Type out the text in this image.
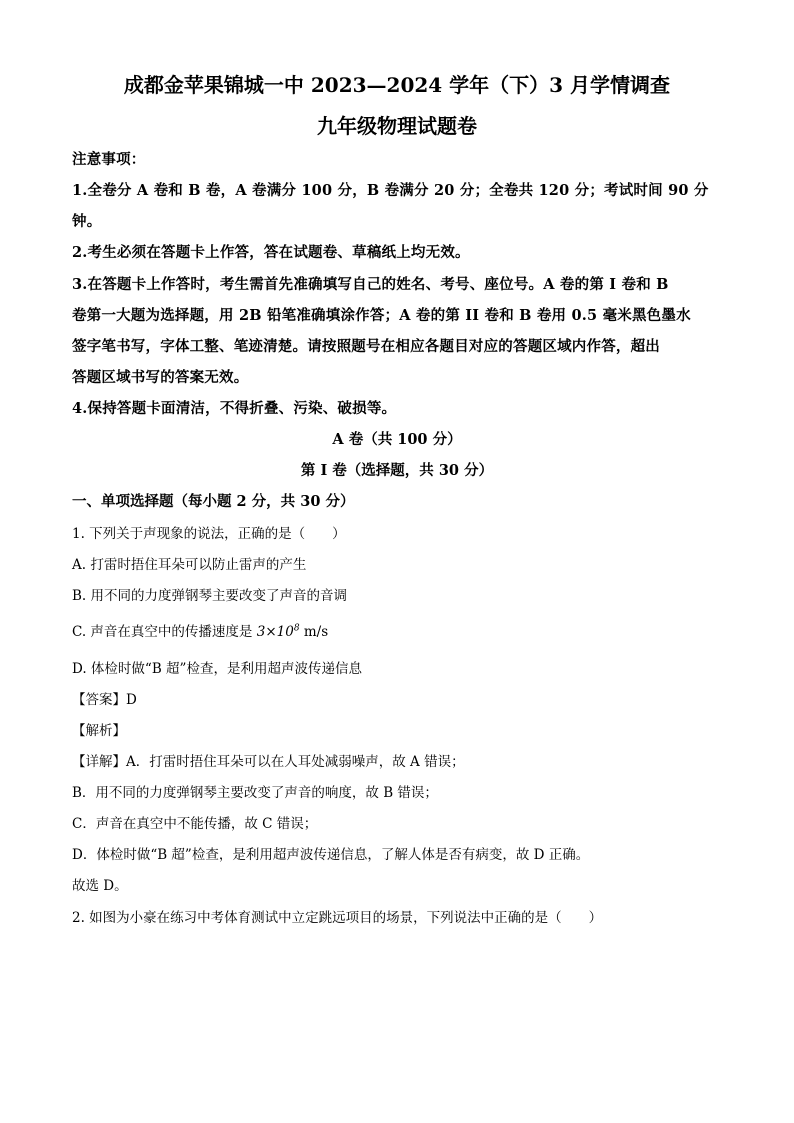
成都金苹果锦城一中 2023—2024 学年（下）3 月学情调查
九年级物理试题卷
注意事项：
1.全卷分 A 卷和 B 卷，A 卷满分 100 分，B 卷满分 20 分；全卷共 120 分；考试时间 90 分
钟。
2.考生必须在答题卡上作答，答在试题卷、草稿纸上均无效。
3.在答题卡上作答时，考生需首先准确填写自己的姓名、考号、座位号。A 卷的第 I 卷和 B
卷第一大题为选择题，用 2B 铅笔准确填涂作答；A 卷的第 II 卷和 B 卷用 0.5 毫米黑色墨水
签字笔书写，字体工整、笔迹清楚。请按照题号在相应各题目对应的答题区域内作答，超出
答题区域书写的答案无效。
4.保持答题卡面清洁，不得折叠、污染、破损等。
A 卷（共 100 分）
第 I 卷（选择题，共 30 分）
一、单项选择题（每小题 2 分，共 30 分）
1. 下列关于声现象的说法，正确的是（　　）
A. 打雷时捂住耳朵可以防止雷声的产生
B. 用不同的力度弹钢琴主要改变了声音的音调
C. 声音在真空中的传播速度是 $3\times 10^8$ m/s
D. 体检时做“B 超”检查，是利用超声波传递信息
【答案】D
【解析】
【详解】A．打雷时捂住耳朵可以在人耳处减弱噪声，故 A 错误；
B．用不同的力度弹钢琴主要改变了声音的响度，故 B 错误；
C．声音在真空中不能传播，故 C 错误；
D．体检时做“B 超”检查，是利用超声波传递信息，了解人体是否有病变，故 D 正确。
故选 D。
2. 如图为小豪在练习中考体育测试中立定跳远项目的场景，下列说法中正确的是（　　）
